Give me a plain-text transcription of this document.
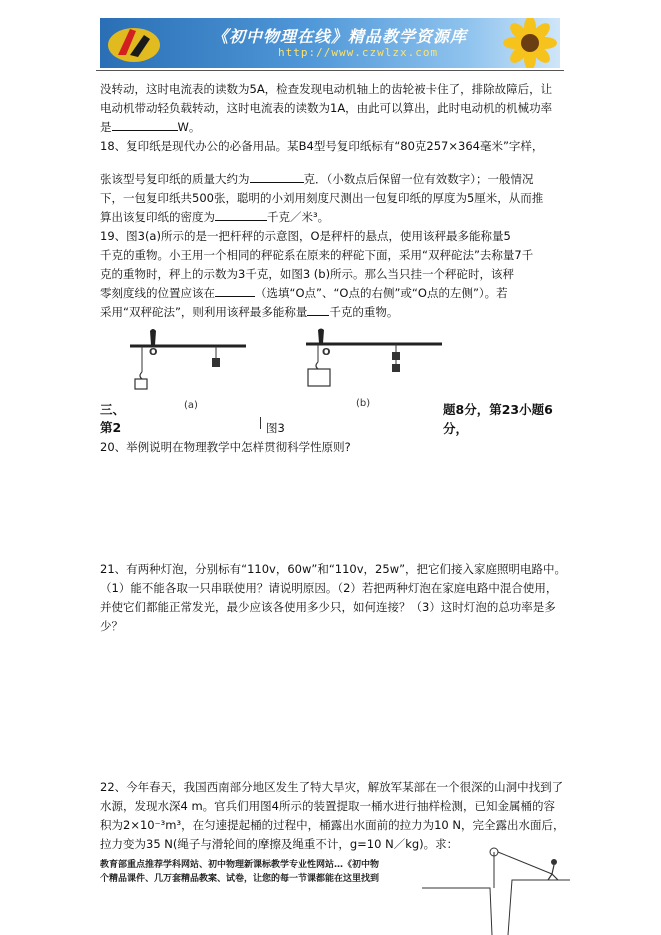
《初中物理在线》精品教学资源库
http://www.czwlzx.com

没转动，这时电流表的读数为5A，检查发现电动机轴上的齿轮被卡住了，排除故障后，让

电动机带动轻负载转动，这时电流表的读数为1A，由此可以算出，此时电动机的机械功率

是	W。

18、复印纸是现代办公的必备用品。某B4型号复印纸标有“80克257×364毫米”字样，

张该型号复印纸的质量大约为	克．（小数点后保留一位有效数字）；一般情况

下，一包复印纸共500张，聪明的小刘用刻度尺测出一包复印纸的厚度为5厘米，从而推

算出该复印纸的密度为	千克／米³。

19、图3(a)所示的是一把杆秤的示意图，O是秤杆的悬点，使用该秤最多能称量5

千克的重物。小王用一个相同的秤砣系在原来的秤砣下面，采用“双秤砣法”去称量7千

克的重物时，秤上的示数为3千克，如图3 (b)所示。那么当只挂一个秤砣时，该秤

零刻度线的位置应该在	（选填“O点”、“O点的右侧”或“O点的左侧”）。若

采用“双秤砣法”，则利用该秤最多能称量 千克的重物。

O
(a)
O
(b)

三、	题8分，第23小题6分，

第2	图3

20、举例说明在物理教学中怎样贯彻科学性原则?

21、有两种灯泡，分别标有“110v，60w”和“110v，25w”，把它们接入家庭照明电路中。

（1）能不能各取一只串联使用？请说明原因。（2）若把两种灯泡在家庭电路中混合使用，

并使它们都能正常发光，最少应该各使用多少只，如何连接？（3）这时灯泡的总功率是多

少？

22、今年春天，我国西南部分地区发生了特大旱灾，解放军某部在一个很深的山洞中找到了

水源，发现水深4 m。官兵们用图4所示的装置提取一桶水进行抽样检测，已知金属桶的容

积为2×10⁻³m³，在匀速提起桶的过程中，桶露出水面前的拉力为10 N，完全露出水面后，

拉力变为35 N(绳子与滑轮间的摩擦及绳重不计，g=10 N／kg)。求：

教育部重点推荐学科网站、初中物理新课标教学专业性网站…《初中物
个精品课件、几万套精品教案、试卷，让您的每一节课都能在这里找到
